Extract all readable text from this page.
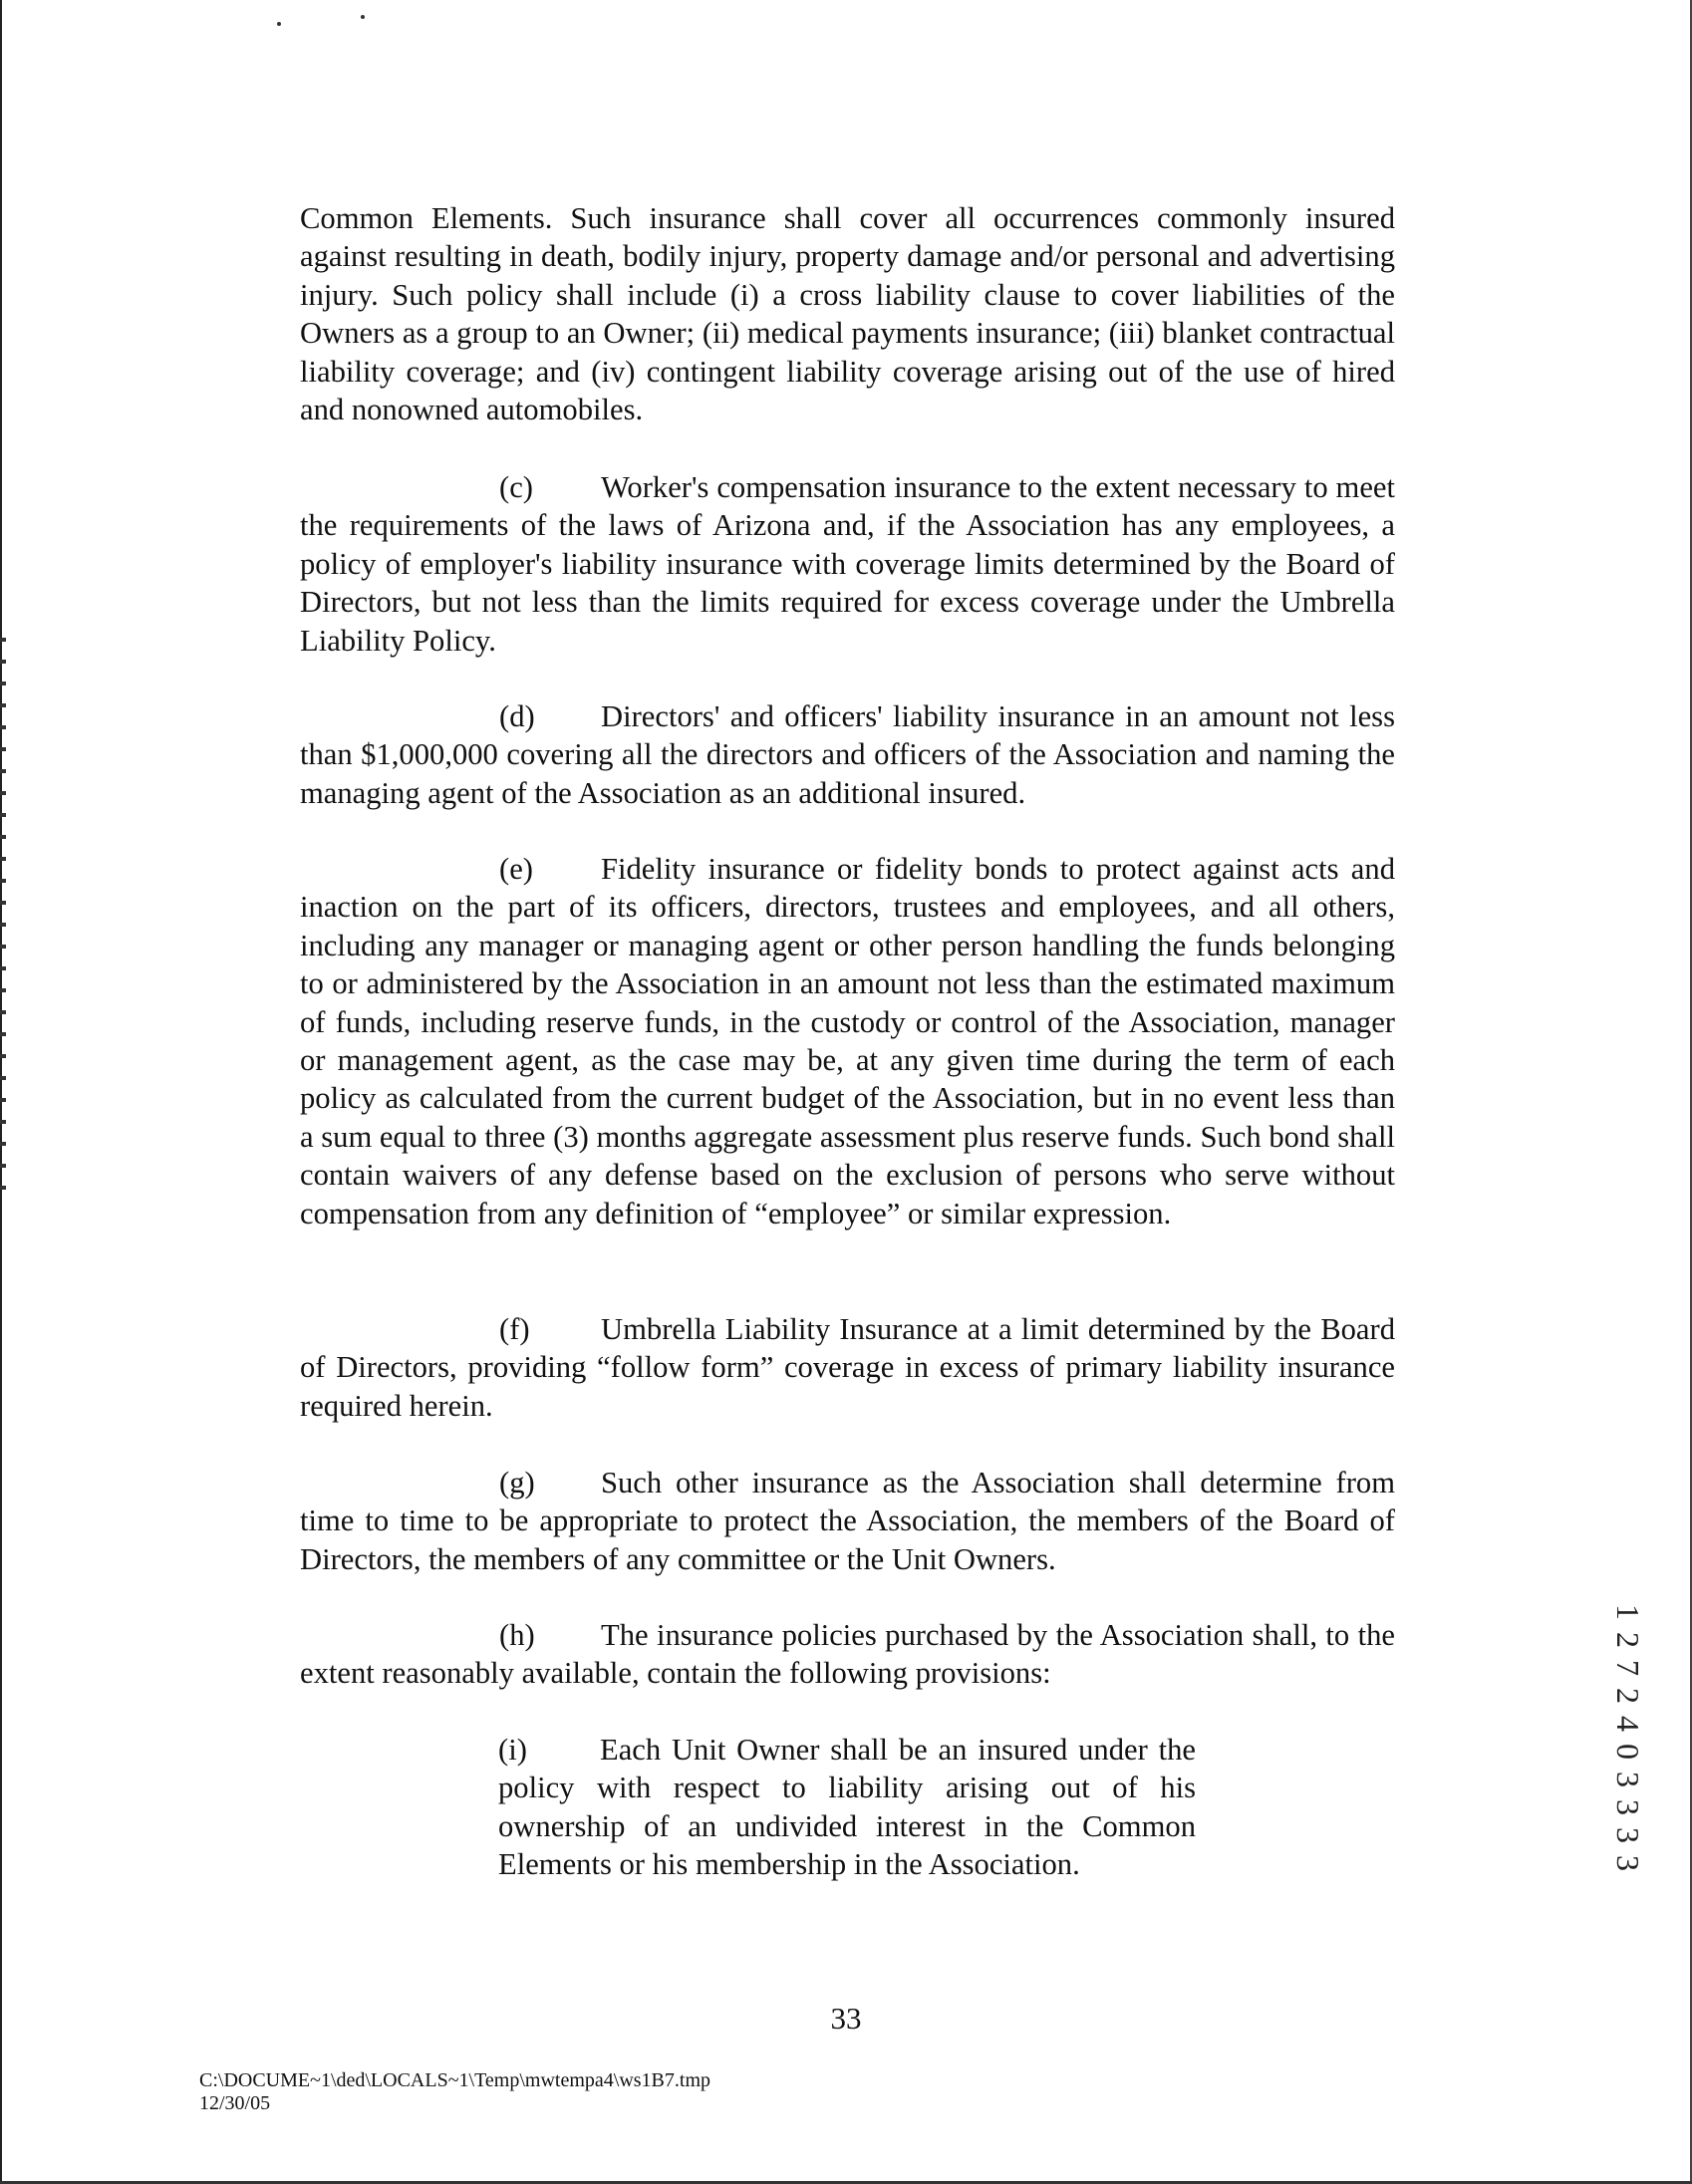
Common Elements. Such insurance shall cover all occurrences commonly insured against resulting in death, bodily injury, property damage and/or personal and advertising injury. Such policy shall include (i) a cross liability clause to cover liabilities of the Owners as a group to an Owner; (ii) medical payments insurance; (iii) blanket contractual liability coverage; and (iv) contingent liability coverage arising out of the use of hired and nonowned automobiles.

(c) Worker's compensation insurance to the extent necessary to meet the requirements of the laws of Arizona and, if the Association has any employees, a policy of employer's liability insurance with coverage limits determined by the Board of Directors, but not less than the limits required for excess coverage under the Umbrella Liability Policy.

(d) Directors' and officers' liability insurance in an amount not less than $1,000,000 covering all the directors and officers of the Association and naming the managing agent of the Association as an additional insured.

(e) Fidelity insurance or fidelity bonds to protect against acts and inaction on the part of its officers, directors, trustees and employees, and all others, including any manager or managing agent or other person handling the funds belonging to or administered by the Association in an amount not less than the estimated maximum of funds, including reserve funds, in the custody or control of the Association, manager or management agent, as the case may be, at any given time during the term of each policy as calculated from the current budget of the Association, but in no event less than a sum equal to three (3) months aggregate assessment plus reserve funds. Such bond shall contain waivers of any defense based on the exclusion of persons who serve without compensation from any definition of “employee” or similar expression.

(f) Umbrella Liability Insurance at a limit determined by the Board of Directors, providing “follow form” coverage in excess of primary liability insurance required herein.

(g) Such other insurance as the Association shall determine from time to time to be appropriate to protect the Association, the members of the Board of Directors, the members of any committee or the Unit Owners.

(h) The insurance policies purchased by the Association shall, to the extent reasonably available, contain the following provisions:

(i) Each Unit Owner shall be an insured under the policy with respect to liability arising out of his ownership of an undivided interest in the Common Elements or his membership in the Association.

33
C:\DOCUME~1\ded\LOCALS~1\Temp\mwtempa4\ws1B7.tmp
12/30/05
1 2 7 2 4 0 3 3 3 3
